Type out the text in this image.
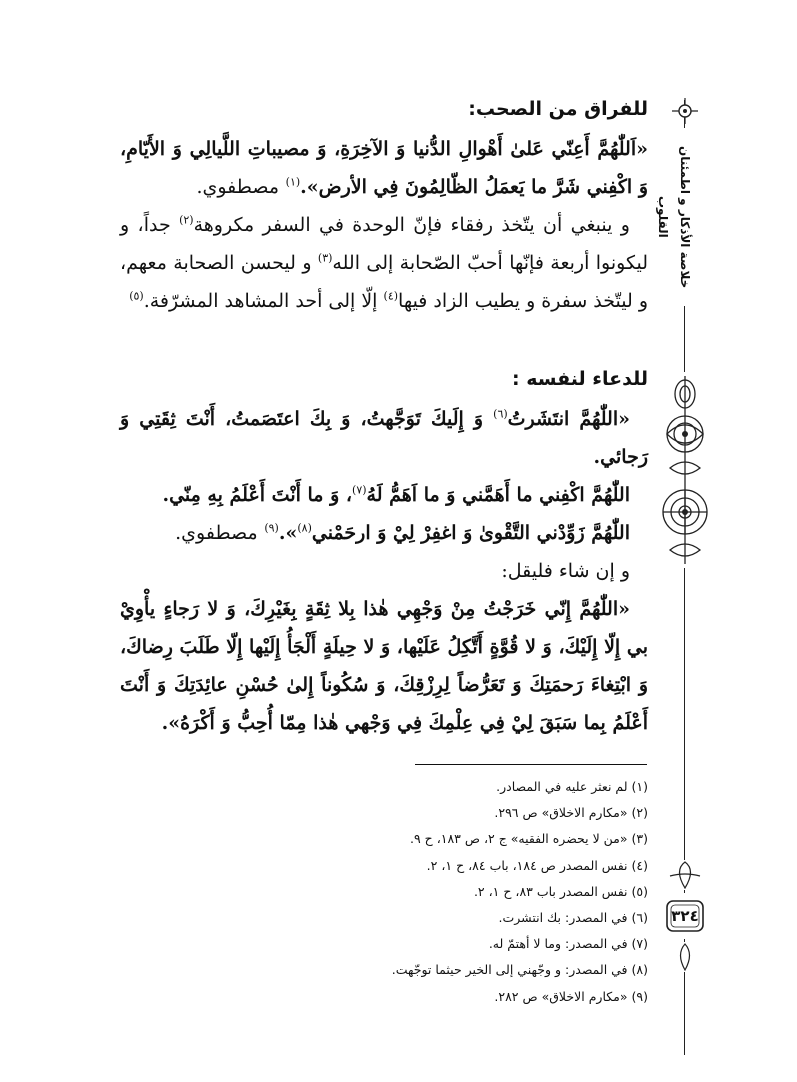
خلاصة الأذكار و اطمئنان القلوب
٣٢٤
للفراق من الصحب:
«اَللّٰهُمَّ أَعِنّي عَلىٰ أَهْوالِ الدُّنيا وَ الآخِرَةِ، وَ مصيباتِ اللَّيالِي وَ الأَيّامِ، وَ اكْفِني شَرَّ ما يَعمَلُ الظّالِمُونَ فِي الأرض».$^{(١)}$ مصطفوي.
و ينبغي أن يتّخذ رفقاء فإنّ الوحدة في السفر مكروهة$^{(٢)}$ جداً، و ليكونوا أربعة فإنّها أحبّ الصّحابة إلى الله$^{(٣)}$ و ليحسن الصحابة معهم، و ليتّخذ سفرة و يطيب الزاد فيها$^{(٤)}$ إلّا إلى أحد المشاهد المشرّفة.$^{(٥)}$
للدعاء لنفسه :
«اللّٰهُمَّ انتَشَرتُ$^{(٦)}$ وَ إِلَيكَ تَوَجَّهتُ، وَ بِكَ اعتَصَمتُ، أَنْتَ ثِقَتِي وَ رَجائي.
اللّٰهُمَّ اكْفِني ما أَهَمَّني وَ ما اَهَمُّ لَهُ$^{(٧)}$، وَ ما أَنْتَ أَعْلَمُ بِهِ مِنّي.
اللّٰهُمَّ زَوِّدْني التَّقْوىٰ وَ اغفِرْ لِيْ وَ ارحَمْني$^{(٨)}$».$^{(٩)}$ مصطفوي.
و إن شاء فليقل:
«اللّٰهُمَّ إِنّي خَرَجْتُ مِنْ وَجْهِي هٰذا بِلا ثِقَةٍ بِغَيْرِكَ، وَ لا رَجاءٍ يأْوِيْ بي إِلّا إِلَيْكَ، وَ لا قُوَّةٍ أَتَّكِلُ عَلَيْها، وَ لا حِيلَةٍ أَلْجَأُ إِلَيْها إِلّا طَلَبَ رِضاكَ، وَ ابْتِغاءَ رَحمَتِكَ وَ تَعَرُّضاً لِرِزْقِكَ، وَ سُكُوناً إِلىٰ حُسْنِ عائِدَتِكَ وَ أَنْتَ أَعْلَمُ بِما سَبَقَ لِيْ فِي عِلْمِكَ فِي وَجْهي هٰذا مِمّا أُحِبُّ وَ أَكْرَهُ».
(١) لم نعثر عليه في المصادر.
(٢) «مكارم الاخلاق» ص ٢٩٦.
(٣) «من لا يحضره الفقيه» ج ٢، ص ١٨٣، ح ٩.
(٤) نفس المصدر ص ١٨٤، باب ٨٤، ح ١، ٢.
(٥) نفس المصدر باب ٨٣، ح ١، ٢.
(٦) في المصدر: بك انتشرت.
(٧) في المصدر: وما لا أهتمّ له.
(٨) في المصدر: و وجّهني إلى الخير حيثما توجّهت.
(٩) «مكارم الاخلاق» ص ٢٨٢.
